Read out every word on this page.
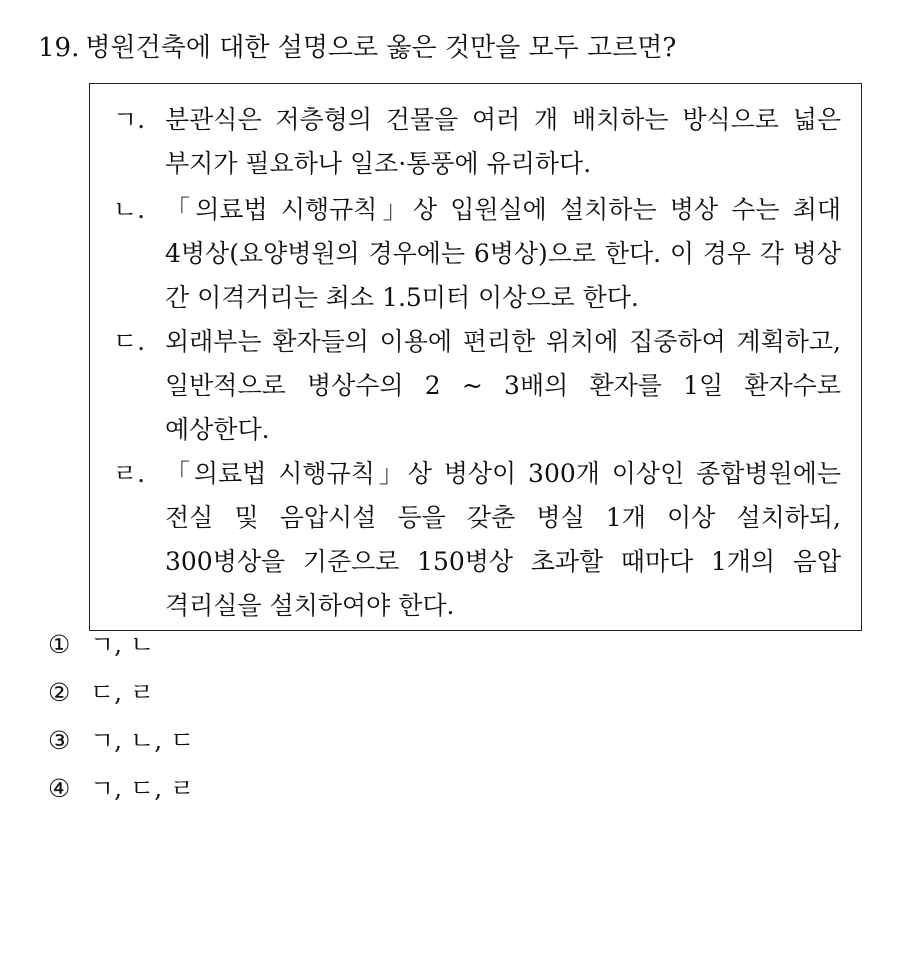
19. 병원건축에 대한 설명으로 옳은 것만을 모두 고르면?
ㄱ. 분관식은 저층형의 건물을 여러 개 배치하는 방식으로 넓은 부지가 필요하나 일조·통풍에 유리하다.
ㄴ. 「의료법 시행규칙」상 입원실에 설치하는 병상 수는 최대 4병상(요양병원의 경우에는 6병상)으로 한다. 이 경우 각 병상 간 이격거리는 최소 1.5미터 이상으로 한다.
ㄷ. 외래부는 환자들의 이용에 편리한 위치에 집중하여 계획하고, 일반적으로 병상수의 2 ~ 3배의 환자를 1일 환자수로 예상한다.
ㄹ. 「의료법 시행규칙」상 병상이 300개 이상인 종합병원에는 전실 및 음압시설 등을 갖춘 병실 1개 이상 설치하되, 300병상을 기준으로 150병상 초과할 때마다 1개의 음압 격리실을 설치하여야 한다.
① ㄱ, ㄴ
② ㄷ, ㄹ
③ ㄱ, ㄴ, ㄷ
④ ㄱ, ㄷ, ㄹ
